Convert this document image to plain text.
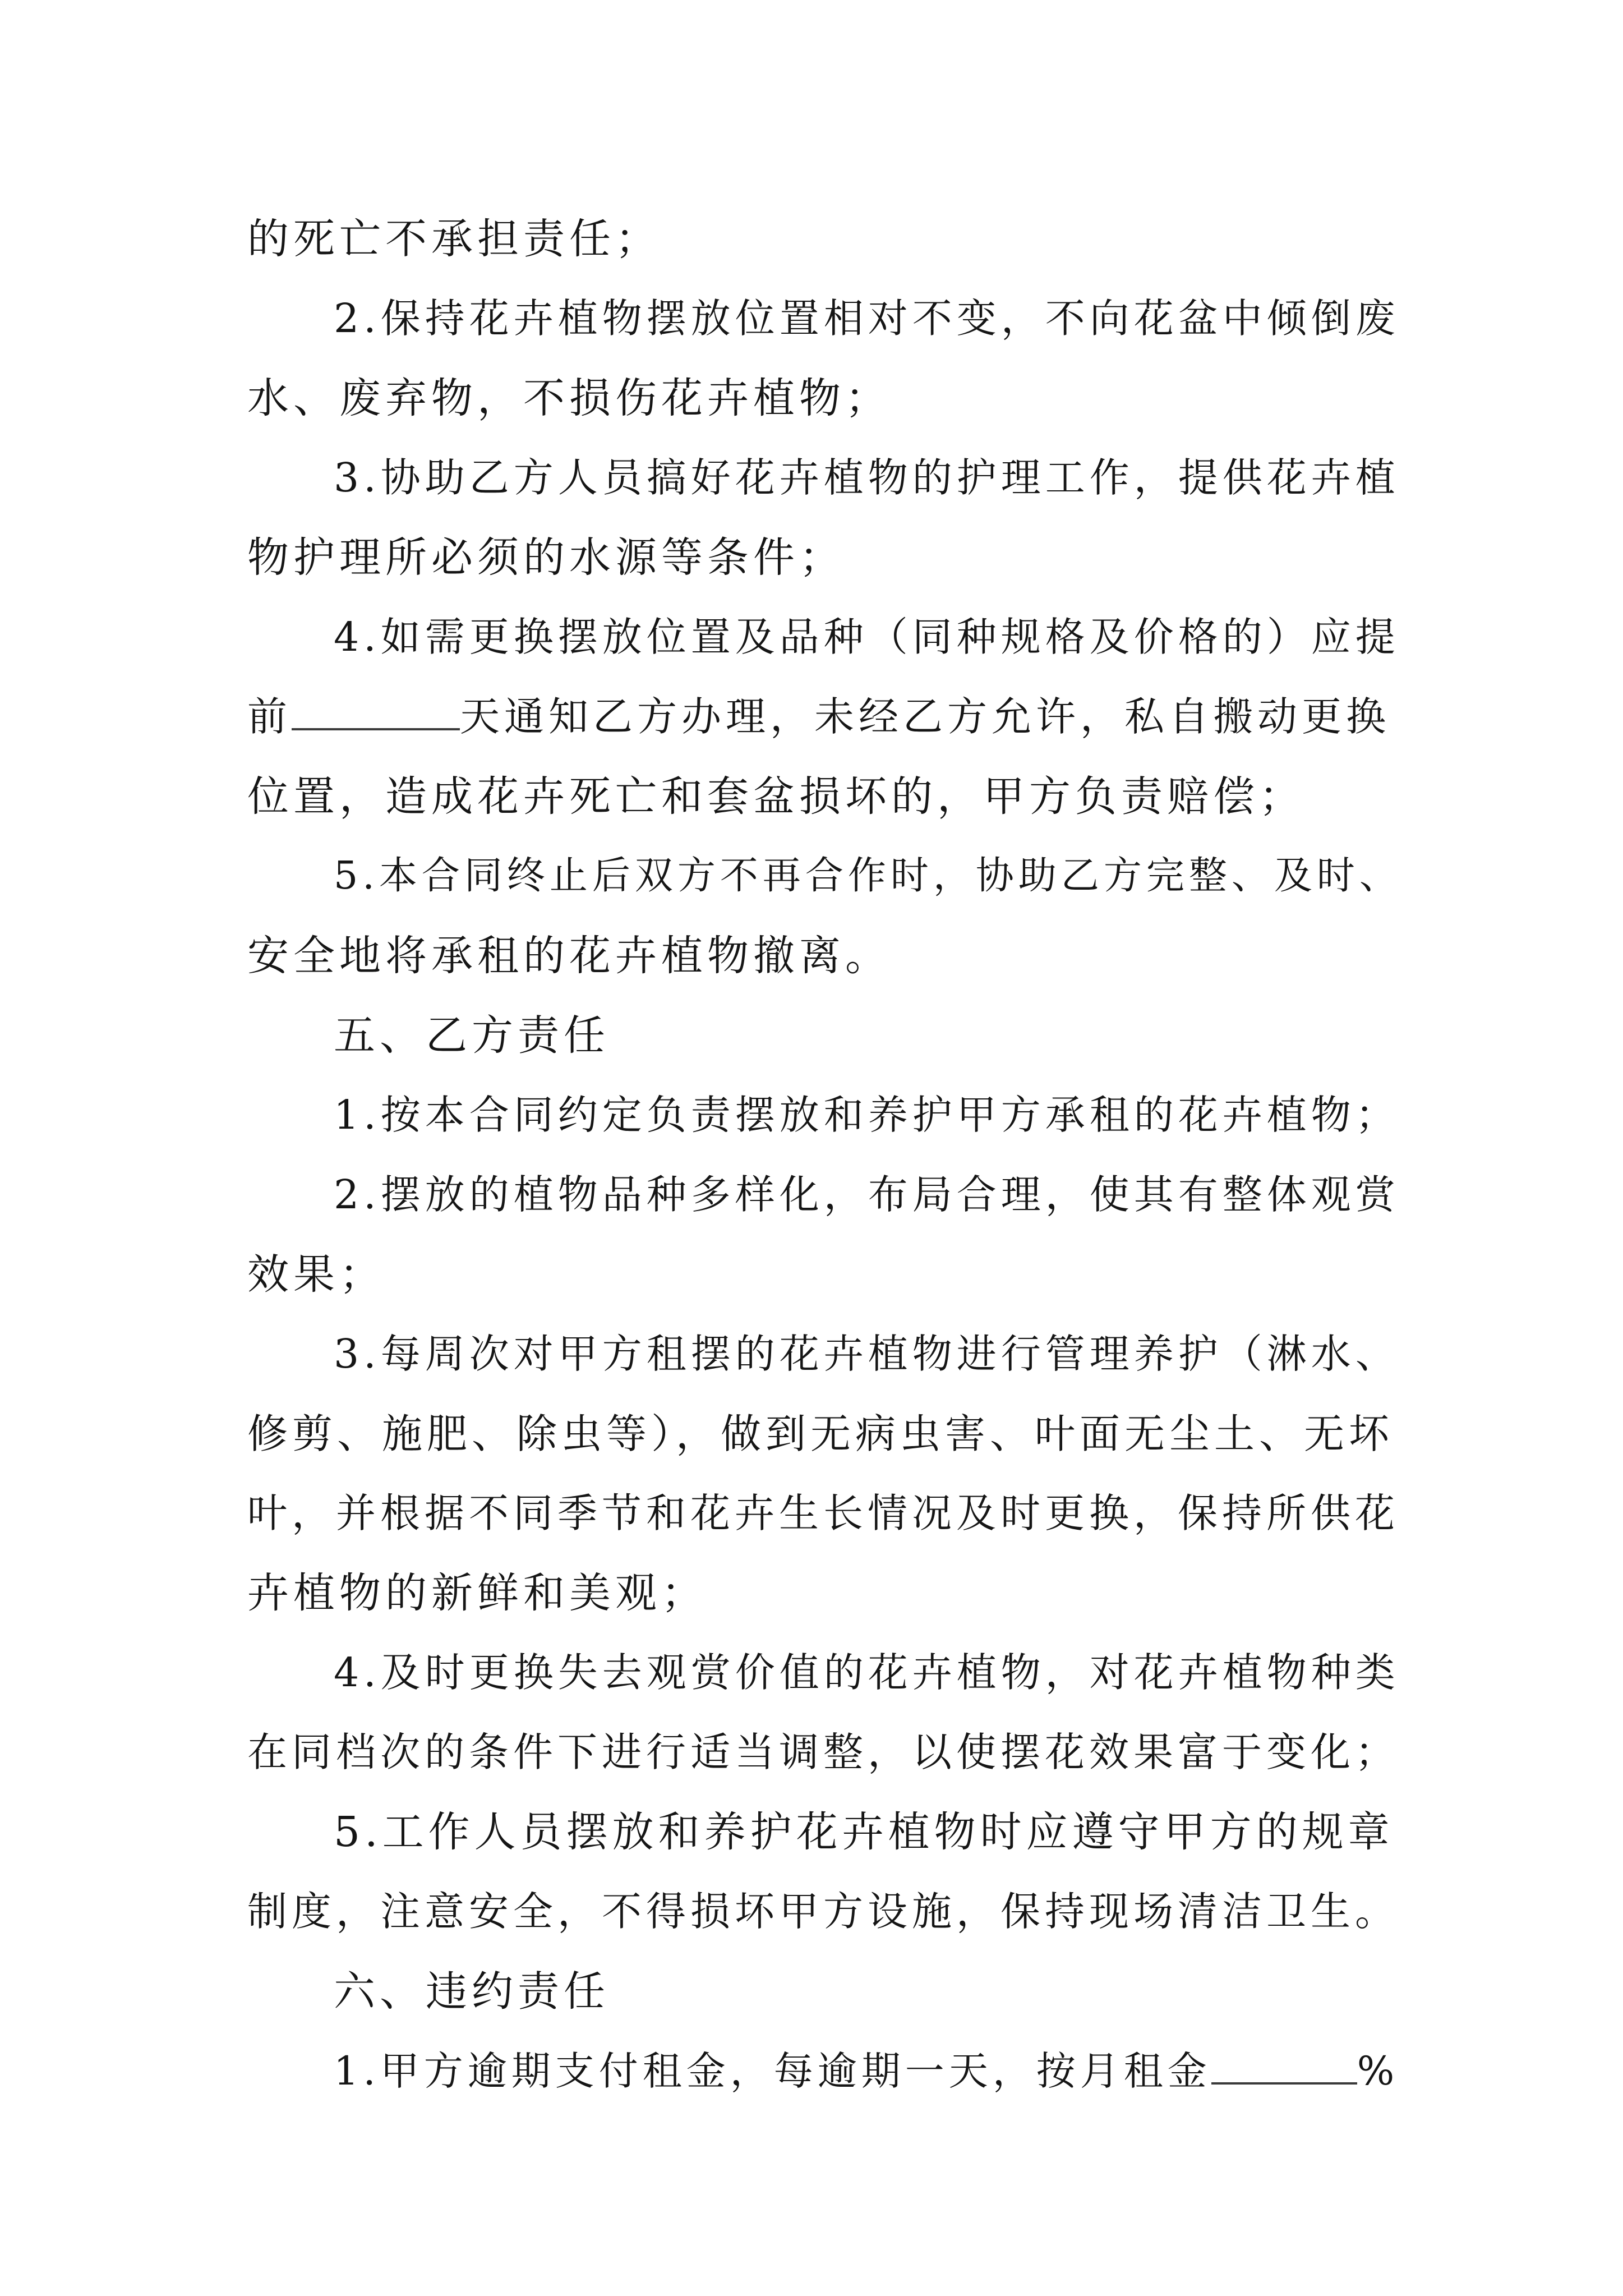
的死亡不承担责任；
2.保持花卉植物摆放位置相对不变，不向花盆中倾倒废
水、废弃物，不损伤花卉植物；
3.协助乙方人员搞好花卉植物的护理工作，提供花卉植
物护理所必须的水源等条件；
4.如需更换摆放位置及品种（同种规格及价格的）应提
前	天通知乙方办理，未经乙方允许，私自搬动更换
位置，造成花卉死亡和套盆损坏的，甲方负责赔偿；
5.本合同终止后双方不再合作时，协助乙方完整、及时、
安全地将承租的花卉植物撤离。
五、乙方责任
1.按本合同约定负责摆放和养护甲方承租的花卉植物；
2.摆放的植物品种多样化，布局合理，使其有整体观赏
效果；
3.每周次对甲方租摆的花卉植物进行管理养护（淋水、
修剪、施肥、除虫等），做到无病虫害、叶面无尘土、无坏
叶，并根据不同季节和花卉生长情况及时更换，保持所供花
卉植物的新鲜和美观；
4.及时更换失去观赏价值的花卉植物，对花卉植物种类
在同档次的条件下进行适当调整，以使摆花效果富于变化；
5.工作人员摆放和养护花卉植物时应遵守甲方的规章
制度，注意安全，不得损坏甲方设施，保持现场清洁卫生。
六、违约责任
1.甲方逾期支付租金，每逾期一天，按月租金	%
